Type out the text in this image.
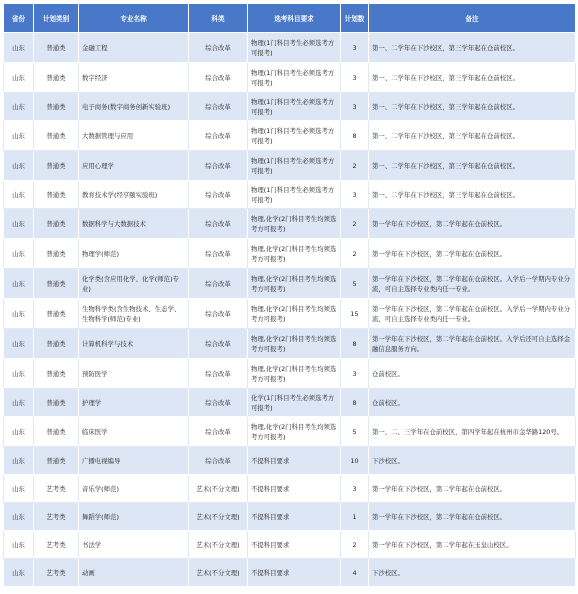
省份	计划类别	专业名称	科类	选考科目要求	计划数	备注
山东	普通类	金融工程	综合改革	物理(1门科目考生必须选考方可报考)	3	第一、二学年在下沙校区，第三学年起在仓前校区。
山东	普通类	数字经济	综合改革	物理(1门科目考生必须选考方可报考)	3	第一、二学年在下沙校区，第三学年起在仓前校区。
山东	普通类	电子商务(数字商务创新实验班)	综合改革	物理(1门科目考生必须选考方可报考)	3	第一、二学年在下沙校区，第三学年起在仓前校区。
山东	普通类	大数据管理与应用	综合改革	物理(1门科目考生必须选考方可报考)	8	第一、二学年在下沙校区，第三学年起在仓前校区。
山东	普通类	应用心理学	综合改革	物理(1门科目考生必须选考方可报考)	2	第一、二学年在下沙校区，第三学年起在仓前校区。
山东	普通类	教育技术学(经亨颐实验班)	综合改革	物理(1门科目考生必须选考方可报考)	3	第一、二学年在下沙校区，第三学年起在仓前校区。
山东	普通类	数据科学与大数据技术	综合改革	物理,化学(2门科目考生均须选考方可报考)	2	第一学年在下沙校区，第二学年起在仓前校区。
山东	普通类	物理学(师范)	综合改革	物理,化学(2门科目考生均须选考方可报考)	2	第一学年在下沙校区，第二学年起在仓前校区。
山东	普通类	化学类(含应用化学、化学(师范)专业)	综合改革	物理,化学(2门科目考生均须选考方可报考)	5	第一学年在下沙校区，第二学年起在仓前校区。入学后一学期内专业分流，可自主选择专业类内任一专业。
山东	普通类	生物科学类(含生物技术、生态学、生物科学(师范)专业)	综合改革	物理,化学(2门科目考生均须选考方可报考)	15	第一学年在下沙校区，第二学年起在仓前校区。入学后一学期内专业分流，可自主选择专业类内任一专业。
山东	普通类	计算机科学与技术	综合改革	物理,化学(2门科目考生均须选考方可报考)	8	第一学年在下沙校区，第二学年起在仓前校区。入学后还可自主选择金融信息服务方向。
山东	普通类	预防医学	综合改革	物理,化学(2门科目考生均须选考方可报考)	3	仓前校区。
山东	普通类	护理学	综合改革	化学(1门科目考生必须选考方可报考)	8	仓前校区。
山东	普通类	临床医学	综合改革	物理,化学(2门科目考生均须选考方可报考)	5	第一、二、三学年在仓前校区，第四学年起在杭州市金华路120号。
山东	普通类	广播电视编导	综合改革	不提科目要求	10	下沙校区。
山东	艺考类	音乐学(师范)	艺术(不分文理)	不提科目要求	3	第一学年在下沙校区，第二学年起在仓前校区。
山东	艺考类	舞蹈学(师范)	艺术(不分文理)	不提科目要求	1	第一学年在下沙校区，第二学年起在仓前校区。
山东	艺考类	书法学	艺术(不分文理)	不提科目要求	2	第一学年在下沙校区，第二学年起在玉皇山校区。
山东	艺考类	动画	艺术(不分文理)	不提科目要求	4	下沙校区。
